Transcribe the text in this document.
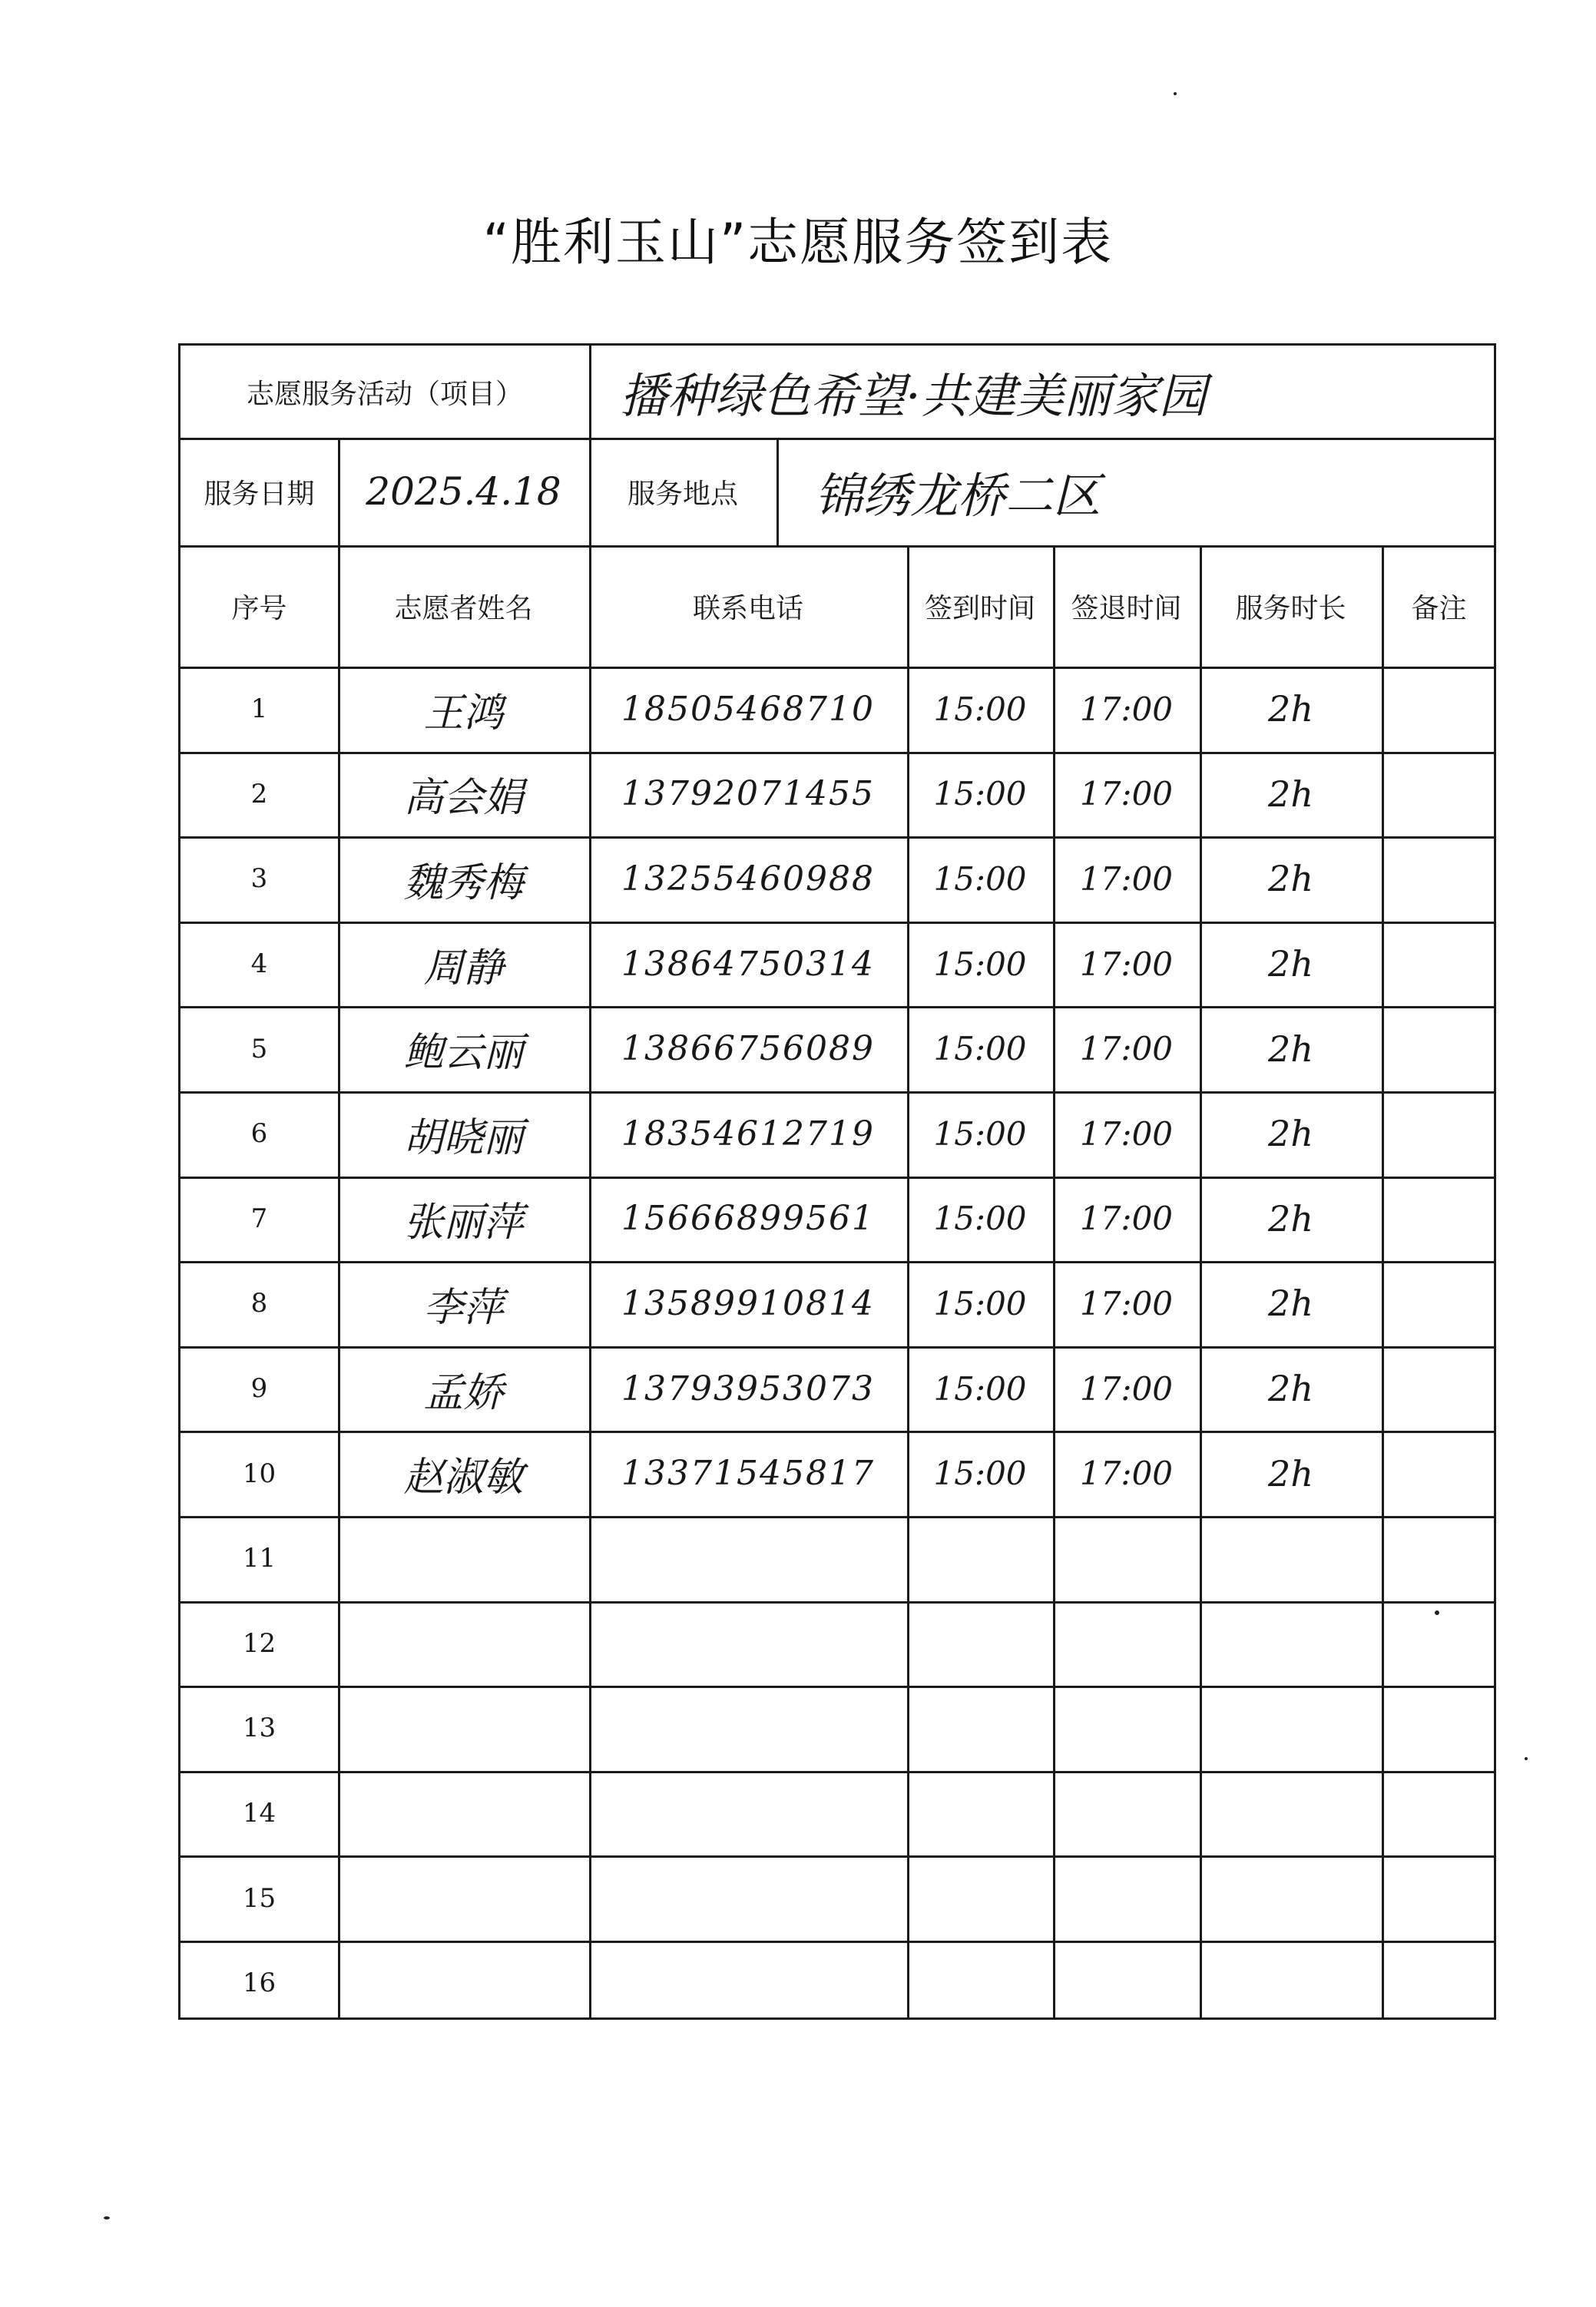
“胜利玉山”志愿服务签到表
志愿服务活动（项目）	播种绿色希望·共建美丽家园
服务日期	2025.4.18	服务地点	锦绣龙桥二区
序号	志愿者姓名	联系电话	签到时间	签退时间	服务时长	备注
1	王鸿	18505468710	15:00	17:00	2h
2	高会娟	13792071455	15:00	17:00	2h
3	魏秀梅	13255460988	15:00	17:00	2h
4	周静	13864750314	15:00	17:00	2h
5	鲍云丽	13866756089	15:00	17:00	2h
6	胡晓丽	18354612719	15:00	17:00	2h
7	张丽萍	15666899561	15:00	17:00	2h
8	李萍	13589910814	15:00	17:00	2h
9	孟娇	13793953073	15:00	17:00	2h
10	赵淑敏	13371545817	15:00	17:00	2h
11
12
13
14
15
16
